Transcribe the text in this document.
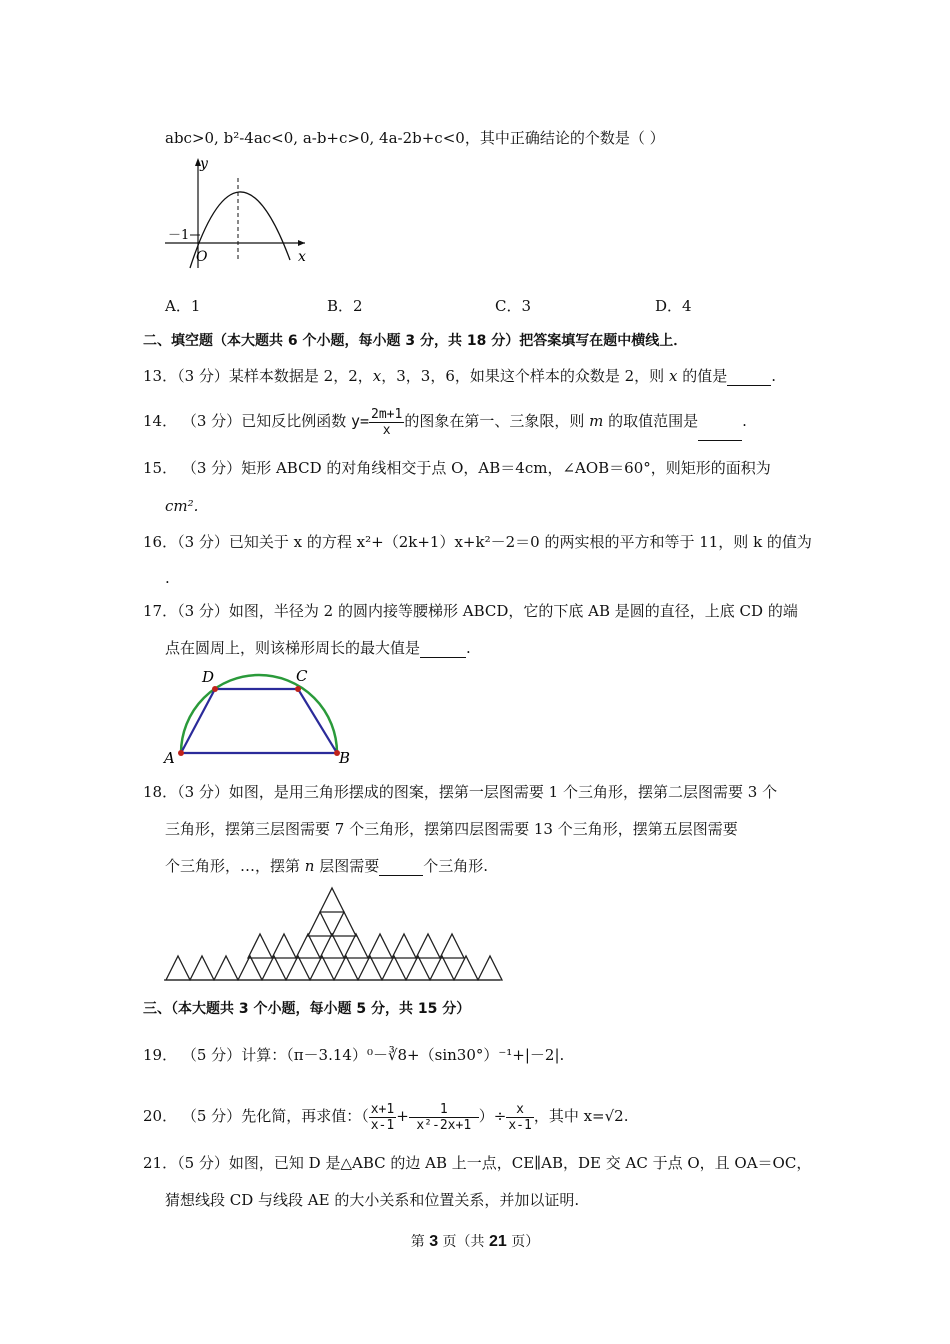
abc>0, b²-4ac<0, a-b+c>0, 4a-2b+c<0，其中正确结论的个数是（ ）
y
x
O
－1
A．1	B．2	C．3	D．4
二、填空题（本大题共 6 个小题，每小题 3 分，共 18 分）把答案填写在题中横线上．
13．（3 分）某样本数据是 2，2，x，3，3，6，如果这个样本的众数是 2，则 x 的值是	.
14． （3 分）已知反比例函数 $y= \frac{2m+1}{x}$ 的图象在第一、三象限，则 m 的取值范围是	.
15． （3 分）矩形 ABCD 的对角线相交于点 O，AB＝4cm，∠AOB＝60°，则矩形的面积为
cm².
16．（3 分）已知关于 x 的方程 x²+（2k+1）x+k²－2＝0 的两实根的平方和等于 11，则 k 的值为
.
17．（3 分）如图，半径为 2 的圆内接等腰梯形 ABCD，它的下底 AB 是圆的直径，上底 CD 的端
点在圆周上，则该梯形周长的最大值是	.
A	B
C
D
18．（3 分）如图，是用三角形摆成的图案，摆第一层图需要 1 个三角形，摆第二层图需要 3 个
三角形，摆第三层图需要 7 个三角形，摆第四层图需要 13 个三角形，摆第五层图需要
个三角形，…，摆第 n 层图需要	个三角形.
三、（本大题共 3 个小题，每小题 5 分，共 15 分）
19． （5 分）计算：（π－3.14）⁰－∛8+（sin30°）⁻¹+|－2|.
20． （5 分）先化简，再求值：（ $\frac{x+1}{x-1} + \frac{1}{\text{x²-2x+1}}$ ）÷ $\frac{x}{x-1}$ ，其中 x=√2.
21．（5 分）如图，已知 D 是△ABC 的边 AB 上一点，CE∥AB，DE 交 AC 于点 O，且 OA＝OC，
猜想线段 CD 与线段 AE 的大小关系和位置关系，并加以证明.
第 3 页（共 21 页）
